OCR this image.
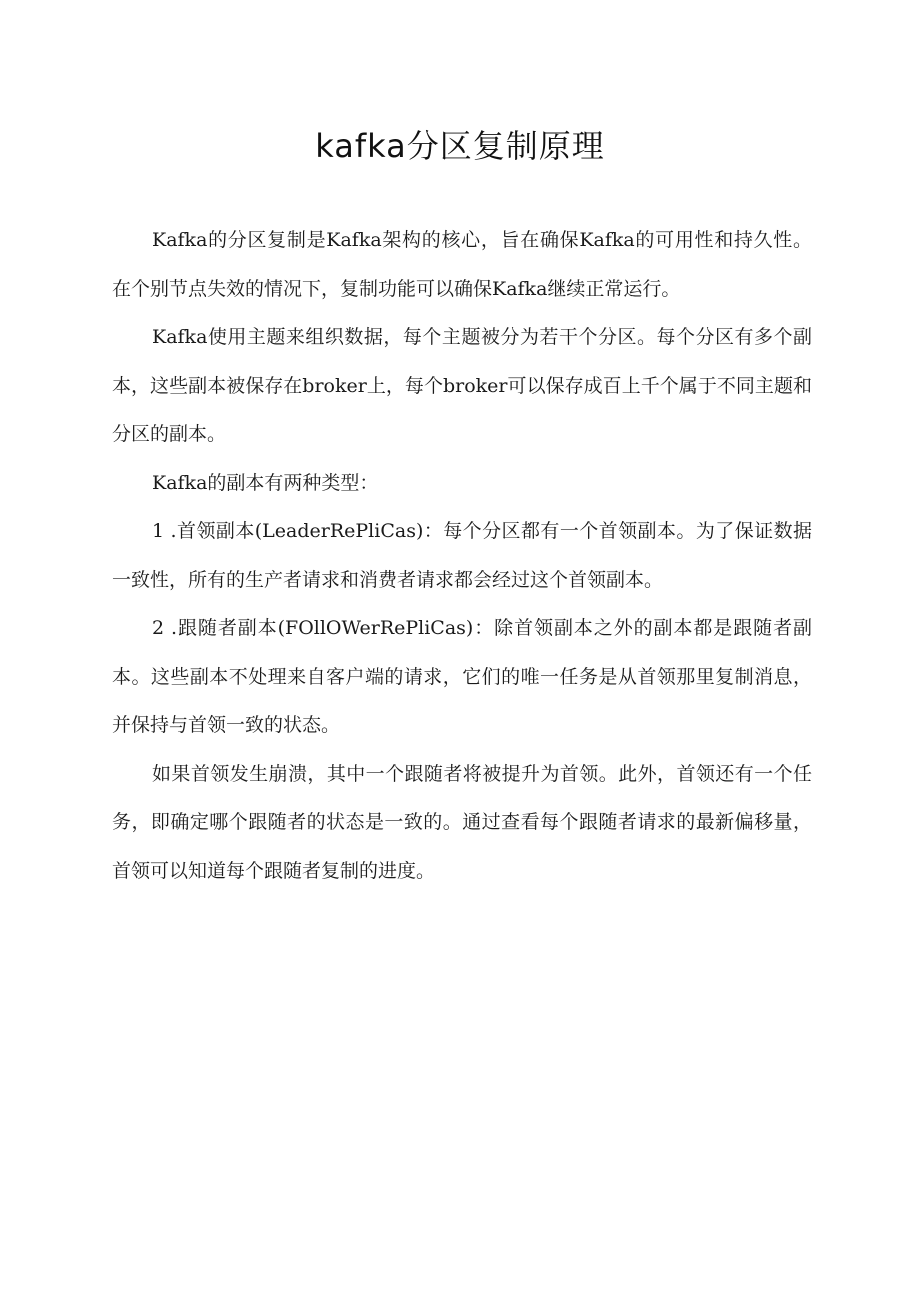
kafka分区复制原理

Kafka的分区复制是Kafka架构的核心，旨在确保Kafka的可用性和持久性。在个别节点失效的情况下，复制功能可以确保Kafka继续正常运行。

Kafka使用主题来组织数据，每个主题被分为若干个分区。每个分区有多个副本，这些副本被保存在broker上，每个broker可以保存成百上千个属于不同主题和分区的副本。

Kafka的副本有两种类型：

1 .首领副本(LeaderRePliCas)：每个分区都有一个首领副本。为了保证数据一致性，所有的生产者请求和消费者请求都会经过这个首领副本。

2 .跟随者副本(FOllOWerRePliCas)：除首领副本之外的副本都是跟随者副本。这些副本不处理来自客户端的请求，它们的唯一任务是从首领那里复制消息，并保持与首领一致的状态。

如果首领发生崩溃，其中一个跟随者将被提升为首领。此外，首领还有一个任务，即确定哪个跟随者的状态是一致的。通过查看每个跟随者请求的最新偏移量，首领可以知道每个跟随者复制的进度。
